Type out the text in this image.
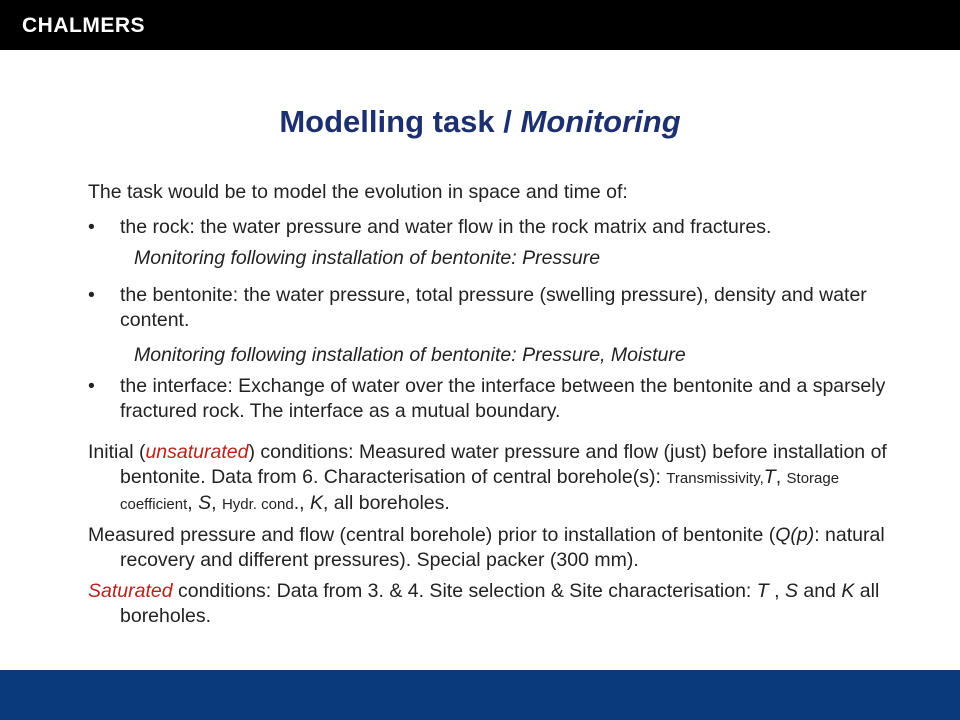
CHALMERS
Modelling task / Monitoring

The task would be to model the evolution in space and time of:

• the rock: the water pressure and water flow in the rock matrix and fractures.
Monitoring following installation of bentonite: Pressure
• the bentonite: the water pressure, total pressure (swelling pressure), density and water content.
Monitoring following installation of bentonite: Pressure, Moisture
• the interface: Exchange of water over the interface between the bentonite and a sparsely fractured rock. The interface as a mutual boundary.

Initial (unsaturated) conditions: Measured water pressure and flow (just) before installation of bentonite. Data from 6. Characterisation of central borehole(s): Transmissivity,T, Storage coefficient, S, Hydr. cond., K, all boreholes.

Measured pressure and flow (central borehole) prior to installation of bentonite (Q(p): natural recovery and different pressures). Special packer (300 mm).

Saturated conditions: Data from 3. & 4. Site selection & Site characterisation: T , S and K all boreholes.
